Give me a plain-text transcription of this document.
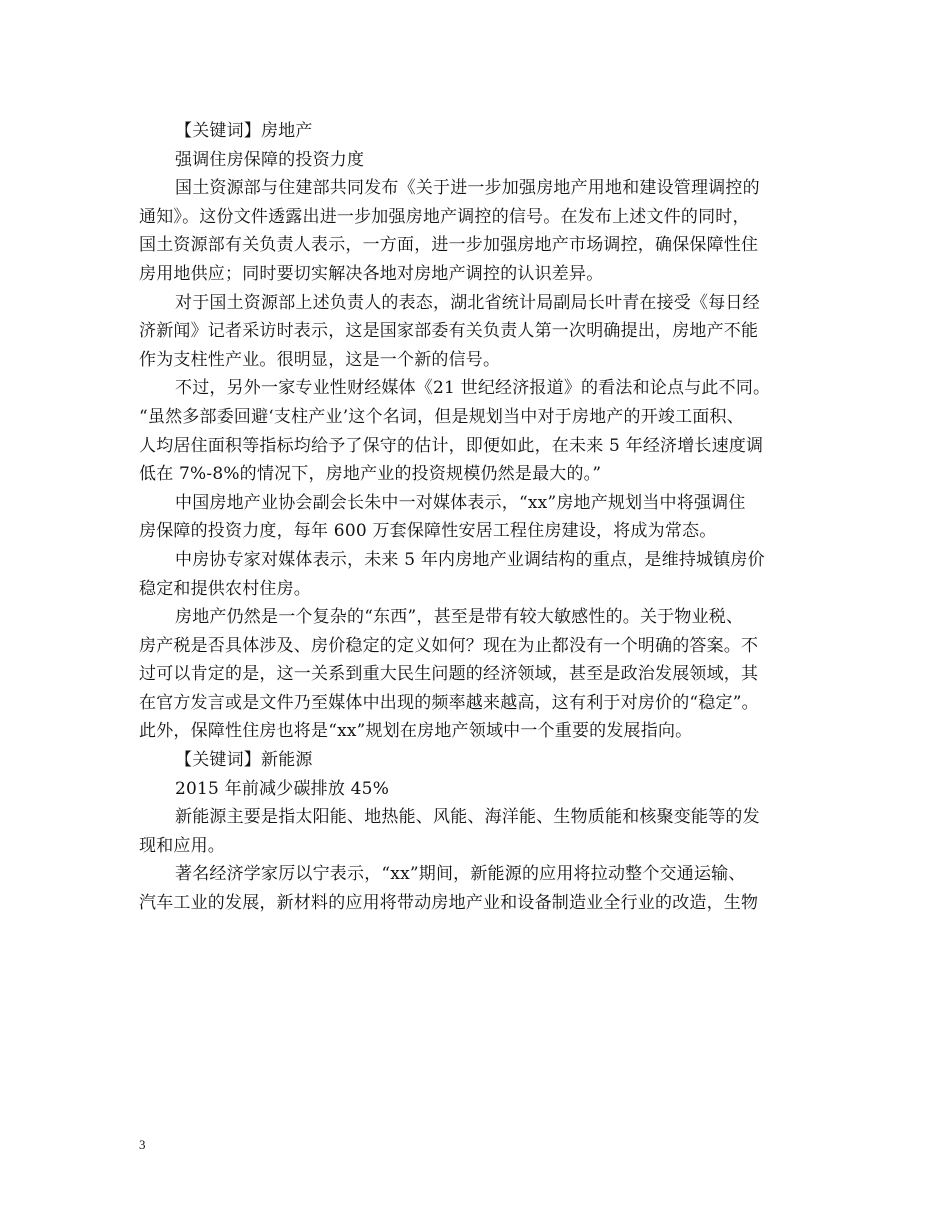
【关键词】房地产
强调住房保障的投资力度
国土资源部与住建部共同发布《关于进一步加强房地产用地和建设管理调控的
通知》。这份文件透露出进一步加强房地产调控的信号。在发布上述文件的同时，
国土资源部有关负责人表示，一方面，进一步加强房地产市场调控，确保保障性住
房用地供应；同时要切实解决各地对房地产调控的认识差异。
对于国土资源部上述负责人的表态，湖北省统计局副局长叶青在接受《每日经
济新闻》记者采访时表示，这是国家部委有关负责人第一次明确提出，房地产不能
作为支柱性产业。很明显，这是一个新的信号。
不过，另外一家专业性财经媒体《21 世纪经济报道》的看法和论点与此不同。
“虽然多部委回避‘支柱产业’这个名词，但是规划当中对于房地产的开竣工面积、
人均居住面积等指标均给予了保守的估计，即便如此，在未来 5 年经济增长速度调
低在 7%-8%的情况下，房地产业的投资规模仍然是最大的。”
中国房地产业协会副会长朱中一对媒体表示，“xx”房地产规划当中将强调住
房保障的投资力度，每年 600 万套保障性安居工程住房建设，将成为常态。
中房协专家对媒体表示，未来 5 年内房地产业调结构的重点，是维持城镇房价
稳定和提供农村住房。
房地产仍然是一个复杂的“东西”，甚至是带有较大敏感性的。关于物业税、
房产税是否具体涉及、房价稳定的定义如何？现在为止都没有一个明确的答案。不
过可以肯定的是，这一关系到重大民生问题的经济领域，甚至是政治发展领域，其
在官方发言或是文件乃至媒体中出现的频率越来越高，这有利于对房价的“稳定”。
此外，保障性住房也将是“xx”规划在房地产领域中一个重要的发展指向。
【关键词】新能源
2015 年前减少碳排放 45%
新能源主要是指太阳能、地热能、风能、海洋能、生物质能和核聚变能等的发
现和应用。
著名经济学家厉以宁表示，“xx”期间，新能源的应用将拉动整个交通运输、
汽车工业的发展，新材料的应用将带动房地产业和设备制造业全行业的改造，生物
3
